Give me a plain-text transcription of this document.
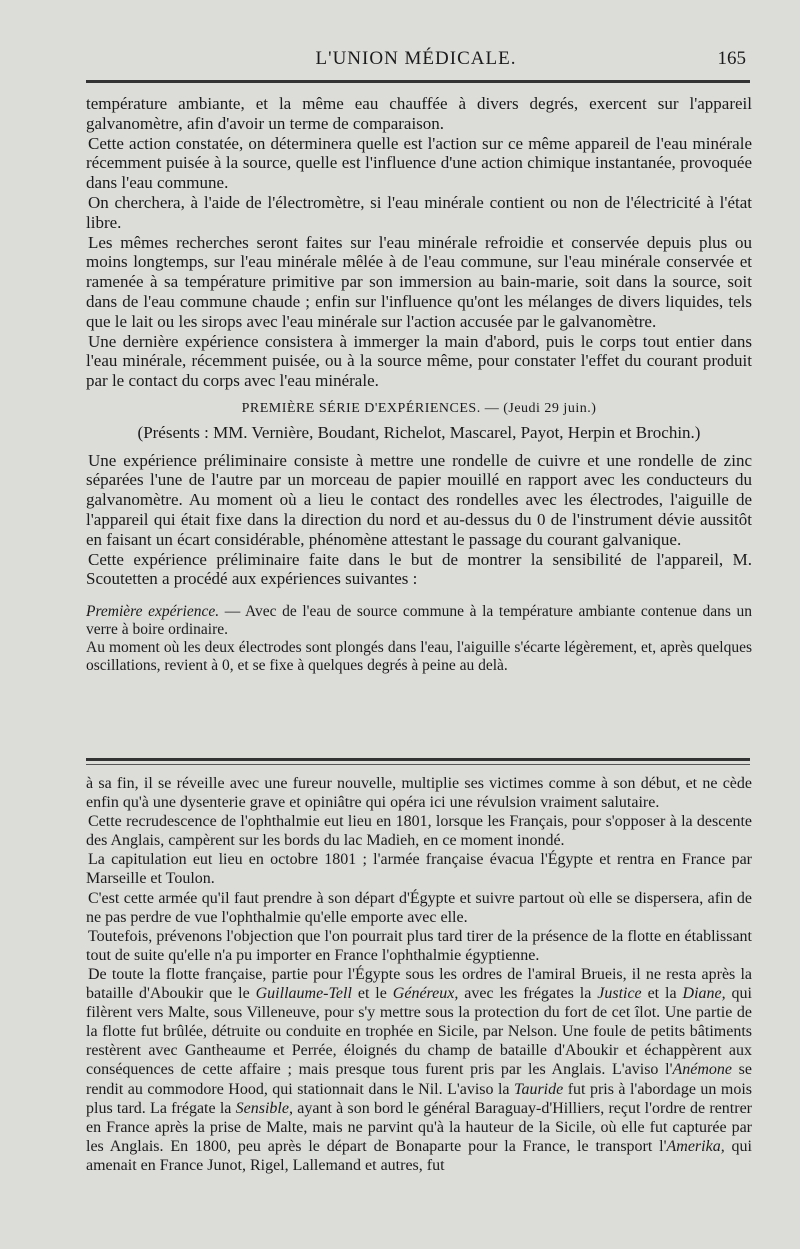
L'UNION MÉDICALE.	165

température ambiante, et la même eau chauffée à divers degrés, exercent sur l'appareil galvanomètre, afin d'avoir un terme de comparaison.

Cette action constatée, on déterminera quelle est l'action sur ce même appareil de l'eau minérale récemment puisée à la source, quelle est l'influence d'une action chimique instantanée, provoquée dans l'eau commune.

On cherchera, à l'aide de l'électromètre, si l'eau minérale contient ou non de l'électricité à l'état libre.

Les mêmes recherches seront faites sur l'eau minérale refroidie et conservée depuis plus ou moins longtemps, sur l'eau minérale mêlée à de l'eau commune, sur l'eau minérale conservée et ramenée à sa température primitive par son immersion au bain-marie, soit dans la source, soit dans de l'eau commune chaude ; enfin sur l'influence qu'ont les mélanges de divers liquides, tels que le lait ou les sirops avec l'eau minérale sur l'action accusée par le galvanomètre.

Une dernière expérience consistera à immerger la main d'abord, puis le corps tout entier dans l'eau minérale, récemment puisée, ou à la source même, pour constater l'effet du courant produit par le contact du corps avec l'eau minérale.

PREMIÈRE SÉRIE D'EXPÉRIENCES. — (Jeudi 29 juin.)
(Présents : MM. Vernière, Boudant, Richelot, Mascarel, Payot, Herpin et Brochin.)

Une expérience préliminaire consiste à mettre une rondelle de cuivre et une rondelle de zinc séparées l'une de l'autre par un morceau de papier mouillé en rapport avec les conducteurs du galvanomètre. Au moment où a lieu le contact des rondelles avec les électrodes, l'aiguille de l'appareil qui était fixe dans la direction du nord et au-dessus du 0 de l'instrument dévie aussitôt en faisant un écart considérable, phénomène attestant le passage du courant galvanique.

Cette expérience préliminaire faite dans le but de montrer la sensibilité de l'appareil, M. Scoutetten a procédé aux expériences suivantes :

Première expérience. — Avec de l'eau de source commune à la température ambiante contenue dans un verre à boire ordinaire.

Au moment où les deux électrodes sont plongés dans l'eau, l'aiguille s'écarte légèrement, et, après quelques oscillations, revient à 0, et se fixe à quelques degrés à peine au delà.

à sa fin, il se réveille avec une fureur nouvelle, multiplie ses victimes comme à son début, et ne cède enfin qu'à une dysenterie grave et opiniâtre qui opéra ici une révulsion vraiment salutaire.

Cette recrudescence de l'ophthalmie eut lieu en 1801, lorsque les Français, pour s'opposer à la descente des Anglais, campèrent sur les bords du lac Madieh, en ce moment inondé.

La capitulation eut lieu en octobre 1801 ; l'armée française évacua l'Égypte et rentra en France par Marseille et Toulon.

C'est cette armée qu'il faut prendre à son départ d'Égypte et suivre partout où elle se dispersera, afin de ne pas perdre de vue l'ophthalmie qu'elle emporte avec elle.

Toutefois, prévenons l'objection que l'on pourrait plus tard tirer de la présence de la flotte en établissant tout de suite qu'elle n'a pu importer en France l'ophthalmie égyptienne.

De toute la flotte française, partie pour l'Égypte sous les ordres de l'amiral Brueis, il ne resta après la bataille d'Aboukir que le Guillaume-Tell et le Généreux, avec les frégates la Justice et la Diane, qui filèrent vers Malte, sous Villeneuve, pour s'y mettre sous la protection du fort de cet îlot. Une partie de la flotte fut brûlée, détruite ou conduite en trophée en Sicile, par Nelson. Une foule de petits bâtiments restèrent avec Gantheaume et Perrée, éloignés du champ de bataille d'Aboukir et échappèrent aux conséquences de cette affaire ; mais presque tous furent pris par les Anglais. L'aviso l'Anémone se rendit au commodore Hood, qui stationnait dans le Nil. L'aviso la Tauride fut pris à l'abordage un mois plus tard. La frégate la Sensible, ayant à son bord le général Baraguay-d'Hilliers, reçut l'ordre de rentrer en France après la prise de Malte, mais ne parvint qu'à la hauteur de la Sicile, où elle fut capturée par les Anglais. En 1800, peu après le départ de Bonaparte pour la France, le transport l'Amerika, qui amenait en France Junot, Rigel, Lallemand et autres, fut
